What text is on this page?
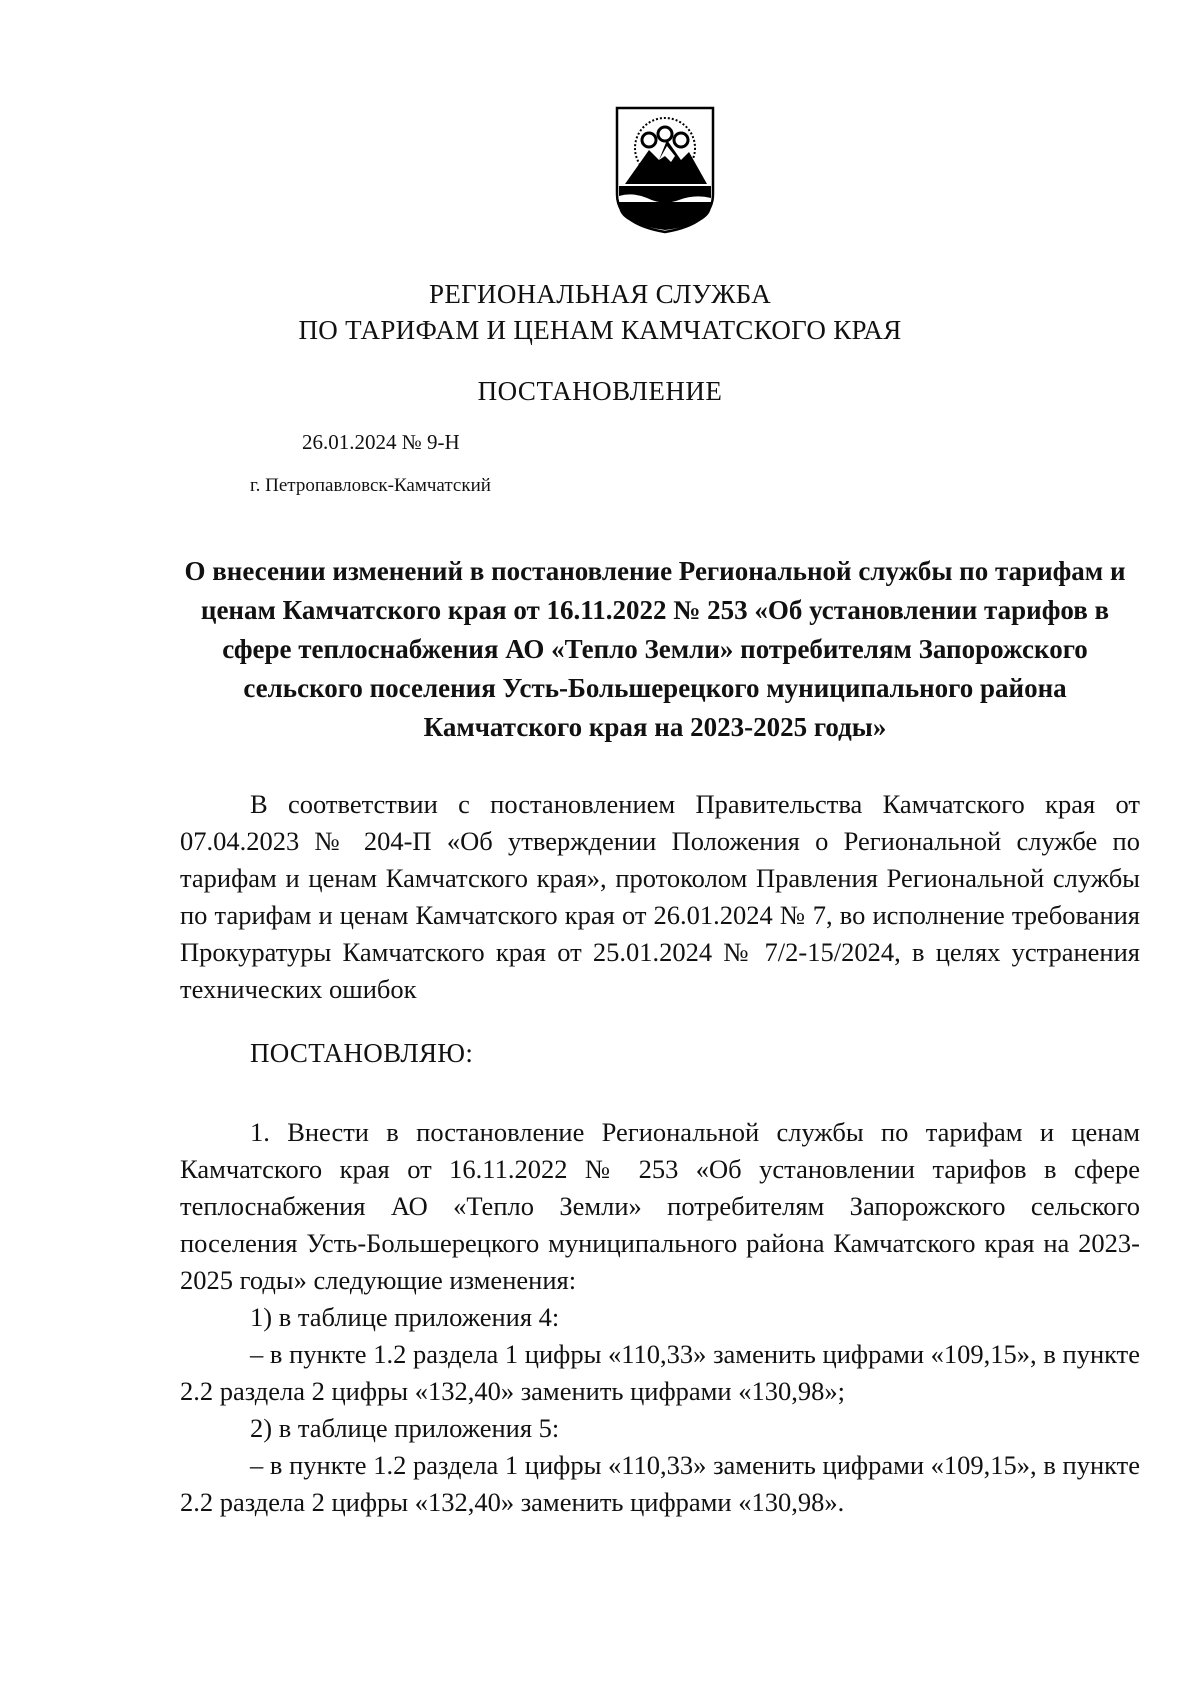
РЕГИОНАЛЬНАЯ СЛУЖБА
ПО ТАРИФАМ И ЦЕНАМ КАМЧАТСКОГО КРАЯ
ПОСТАНОВЛЕНИЕ
26.01.2024 № 9-Н
г. Петропавловск-Камчатский
О внесении изменений в постановление Региональной службы по тарифам и ценам Камчатского края от 16.11.2022 № 253 «Об установлении тарифов в сфере теплоснабжения АО «Тепло Земли» потребителям Запорожского сельского поселения Усть-Большерецкого муниципального района Камчатского края на 2023-2025 годы»
В соответствии с постановлением Правительства Камчатского края от 07.04.2023 № 204-П «Об утверждении Положения о Региональной службе по тарифам и ценам Камчатского края», протоколом Правления Региональной службы по тарифам и ценам Камчатского края от 26.01.2024 № 7, во исполнение требования Прокуратуры Камчатского края от 25.01.2024 № 7/2-15/2024, в целях устранения технических ошибок
ПОСТАНОВЛЯЮ:
1. Внести в постановление Региональной службы по тарифам и ценам Камчатского края от 16.11.2022 № 253 «Об установлении тарифов в сфере теплоснабжения АО «Тепло Земли» потребителям Запорожского сельского поселения Усть-Большерецкого муниципального района Камчатского края на 2023-2025 годы» следующие изменения:
1) в таблице приложения 4:
– в пункте 1.2 раздела 1 цифры «110,33» заменить цифрами «109,15», в пункте 2.2 раздела 2 цифры «132,40» заменить цифрами «130,98»;
2) в таблице приложения 5:
– в пункте 1.2 раздела 1 цифры «110,33» заменить цифрами «109,15», в пункте 2.2 раздела 2 цифры «132,40» заменить цифрами «130,98».
